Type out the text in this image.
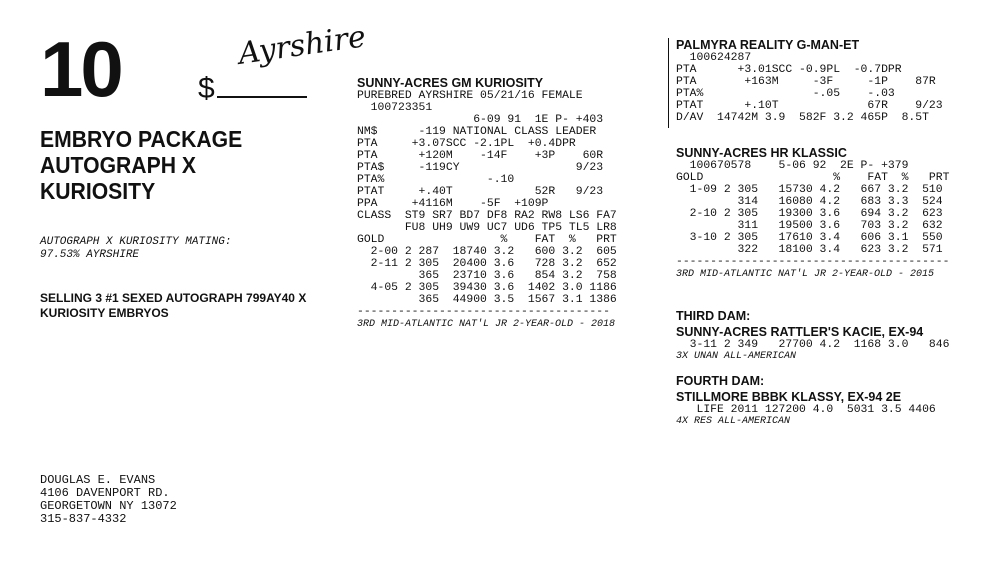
10	Ayrshire
$
EMBRYO PACKAGE
AUTOGRAPH X
KURIOSITY
AUTOGRAPH X KURIOSITY MATING:
97.53% AYRSHIRE
SELLING 3 #1 SEXED AUTOGRAPH 799AY40 X
KURIOSITY EMBRYOS
DOUGLAS E. EVANS
4106 DAVENPORT RD.
GEORGETOWN NY 13072
315-837-4332
SUNNY-ACRES GM KURIOSITY
PUREBRED AYRSHIRE 05/21/16 FEMALE
100723351
6-09 91  1E P- +403
NM$      -119 NATIONAL CLASS LEADER
PTA     +3.07SCC -2.1PL  +0.4DPR
PTA      +120M    -14F    +3P    60R
PTA$     -119CY                 9/23
PTA%               -.10
PTAT     +.40T            52R   9/23
PPA     +4116M    -5F  +109P
CLASS  ST9 SR7 BD7 DF8 RA2 RW8 LS6 FA7
FU8 UH9 UW9 UC7 UD6 TP5 TL5 LR8
GOLD                 %    FAT  %   PRT
2-00 2 287  18740 3.2   600 3.2  605
2-11 2 305  20400 3.6   728 3.2  652
365  23710 3.6   854 3.2  758
4-05 2 305  39430 3.6  1402 3.0 1186
365  44900 3.5  1567 3.1 1386
-------------------------------------
3RD MID-ATLANTIC NAT'L JR 2-YEAR-OLD - 2018
PALMYRA REALITY G-MAN-ET
100624287
PTA      +3.01SCC -0.9PL  -0.7DPR
PTA       +163M     -3F     -1P    87R
PTA%                -.05    -.03
PTAT      +.10T             67R    9/23
D/AV  14742M 3.9  582F 3.2 465P  8.5T
SUNNY-ACRES HR KLASSIC
100670578    5-06 92  2E P- +379
GOLD                   %    FAT  %   PRT
1-09 2 305   15730 4.2   667 3.2  510
314   16080 4.2   683 3.3  524
2-10 2 305   19300 3.6   694 3.2  623
311   19500 3.6   703 3.2  632
3-10 2 305   17610 3.4   606 3.1  550
322   18100 3.4   623 3.2  571
----------------------------------------
3RD MID-ATLANTIC NAT'L JR 2-YEAR-OLD - 2015
THIRD DAM:
SUNNY-ACRES RATTLER'S KACIE, EX-94
3-11 2 349   27700 4.2  1168 3.0   846
3X UNAN ALL-AMERICAN
FOURTH DAM:
STILLMORE BBBK KLASSY, EX-94 2E
LIFE 2011 127200 4.0  5031 3.5 4406
4X RES ALL-AMERICAN
